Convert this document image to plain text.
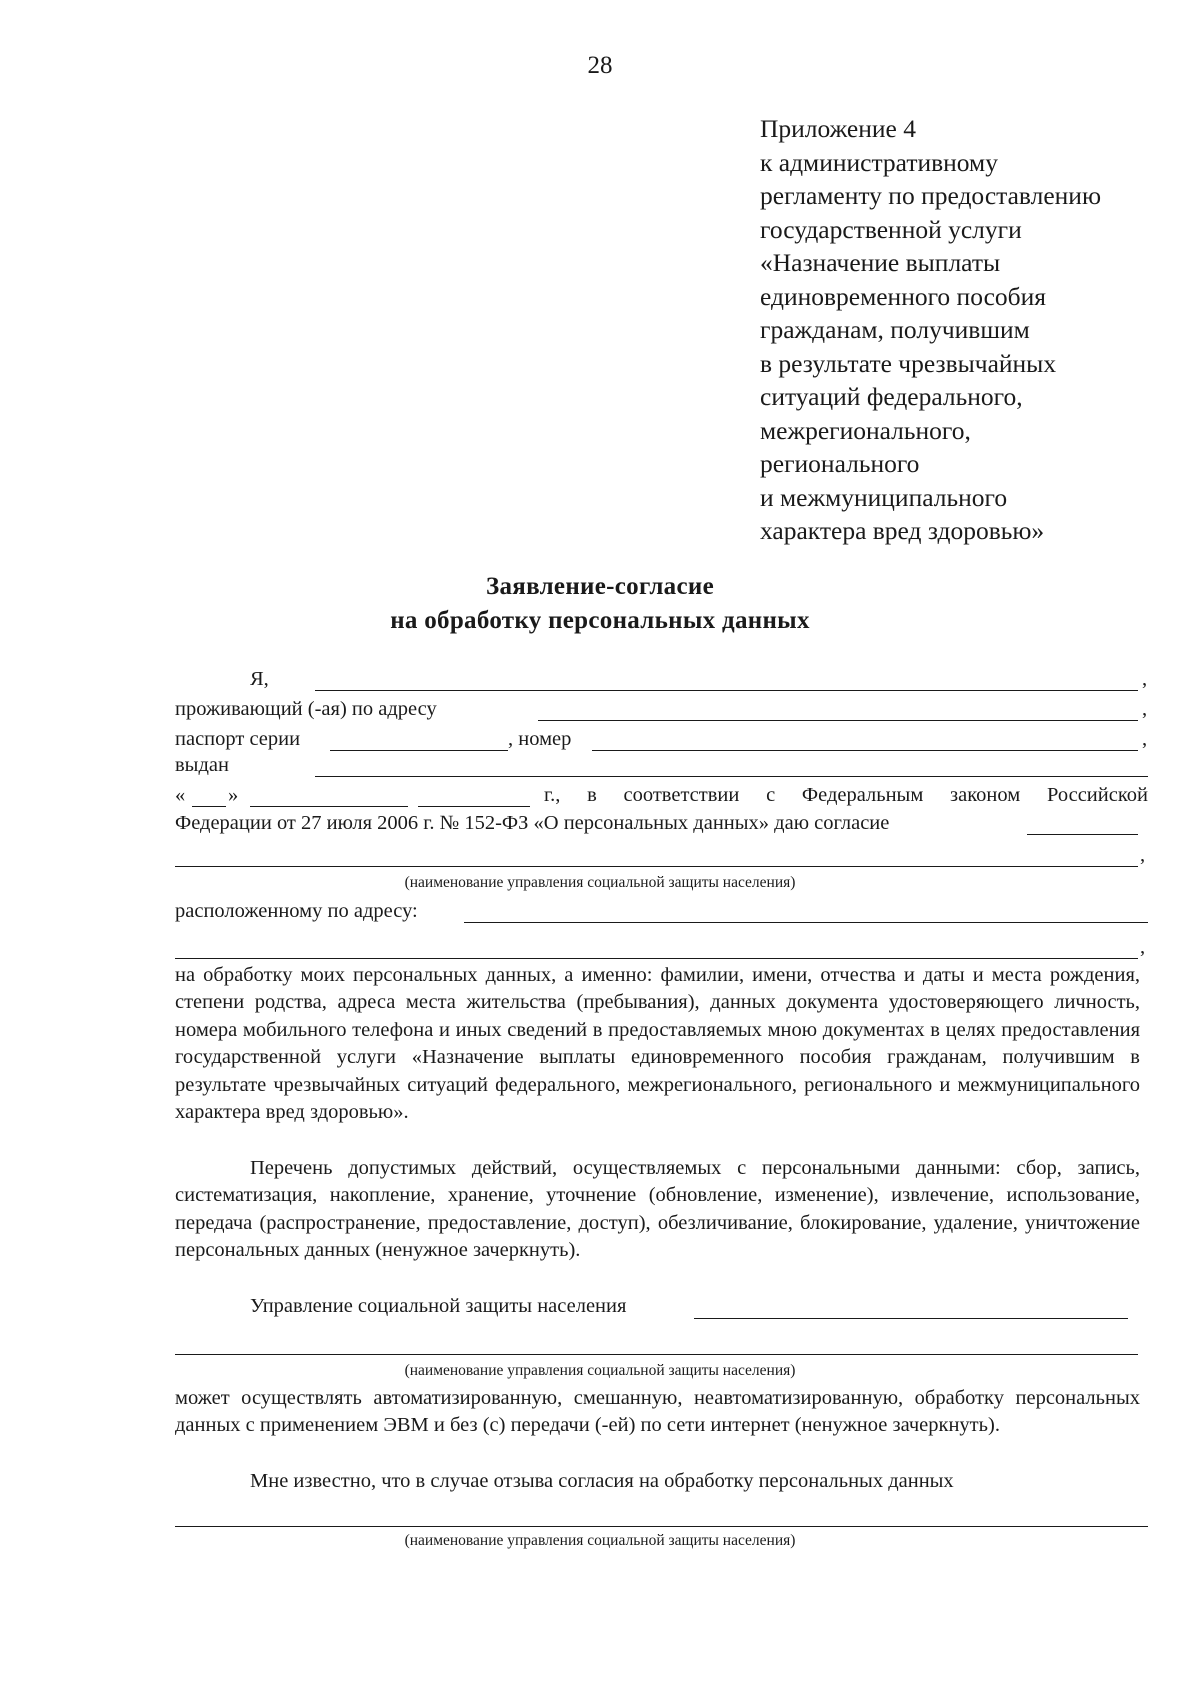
28
Приложение 4
к административному
регламенту по предоставлению
государственной услуги
«Назначение выплаты
единовременного пособия
гражданам, получившим
в результате чрезвычайных
ситуаций федерального,
межрегионального,
регионального
и межмуниципального
характера вред здоровью»
Заявление-согласие
на обработку персональных данных
Я,	,
проживающий (-ая) по адресу	,
паспорт серии	, номер	,
выдан
« »	г., в соответствии с Федеральным законом Российской
Федерации от 27 июля 2006 г. № 152-ФЗ «О персональных данных» даю согласие
,
(наименование управления социальной защиты населения)
расположенному по адресу:
,
на обработку моих персональных данных, а именно: фамилии, имени, отчества и даты и места рождения, степени родства, адреса места жительства (пребывания), данных документа удостоверяющего личность, номера мобильного телефона и иных сведений в предоставляемых мною документах в целях предоставления государственной услуги «Назначение выплаты единовременного пособия гражданам, получившим в результате чрезвычайных ситуаций федерального, межрегионального, регионального и межмуниципального характера вред здоровью».
Перечень допустимых действий, осуществляемых с персональными данными: сбор, запись, систематизация, накопление, хранение, уточнение (обновление, изменение), извлечение, использование, передача (распространение, предоставление, доступ), обезличивание, блокирование, удаление, уничтожение персональных данных (ненужное зачеркнуть).
Управление социальной защиты населения
(наименование управления социальной защиты населения)
может осуществлять автоматизированную, смешанную, неавтоматизированную, обработку персональных данных с применением ЭВМ и без (с) передачи (-ей) по сети интернет (ненужное зачеркнуть).
Мне известно, что в случае отзыва согласия на обработку персональных данных
(наименование управления социальной защиты населения)
